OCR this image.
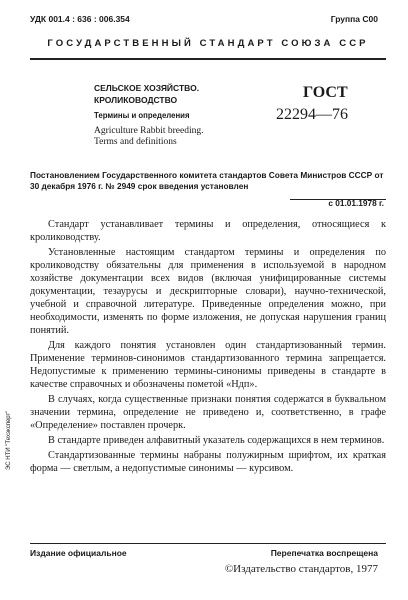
УДК 001.4 : 636 : 006.354	Группа С00
ГОСУДАРСТВЕННЫЙ СТАНДАРТ СОЮЗА ССР
СЕЛЬСКОЕ ХОЗЯЙСТВО.
КРОЛИКОВОДСТВО
Термины и определения
Agriculture Rabbit breeding.
Terms and definitions
ГОСТ
22294—76
Постановлением Государственного комитета стандартов Совета Министров СССР от 30 декабря 1976 г. № 2949 срок введения установлен
с 01.01.1978 г.

Стандарт устанавливает термины и определения, относящиеся к кролиководству.

Установленные настоящим стандартом термины и определения по кролиководству обязательны для применения в используемой в народном хозяйстве документации всех видов (включая унифицированные системы документации, тезаурусы и дескрипторные словари), научно-технической, учебной и справочной литературе. Приведенные определения можно, при необходимости, изменять по форме изложения, не допуская нарушения границ понятий.

Для каждого понятия установлен один стандартизованный термин. Применение терминов-синонимов стандартизованного термина запрещается. Недопустимые к применению термины-синонимы приведены в стандарте в качестве справочных и обозначены пометой «Ндп».

В случаях, когда существенные признаки понятия содержатся в буквальном значении термина, определение не приведено и, соответственно, в графе «Определение» поставлен прочерк.

В стандарте приведен алфавитный указатель содержащихся в нем терминов.

Стандартизованные термины набраны полужирным шрифтом, их краткая форма — светлым, а недопустимые синонимы — курсивом.

ЭС НТИ "Техэксперт"
Издание официальное	Перепечатка воспрещена
©Издательство стандартов, 1977
